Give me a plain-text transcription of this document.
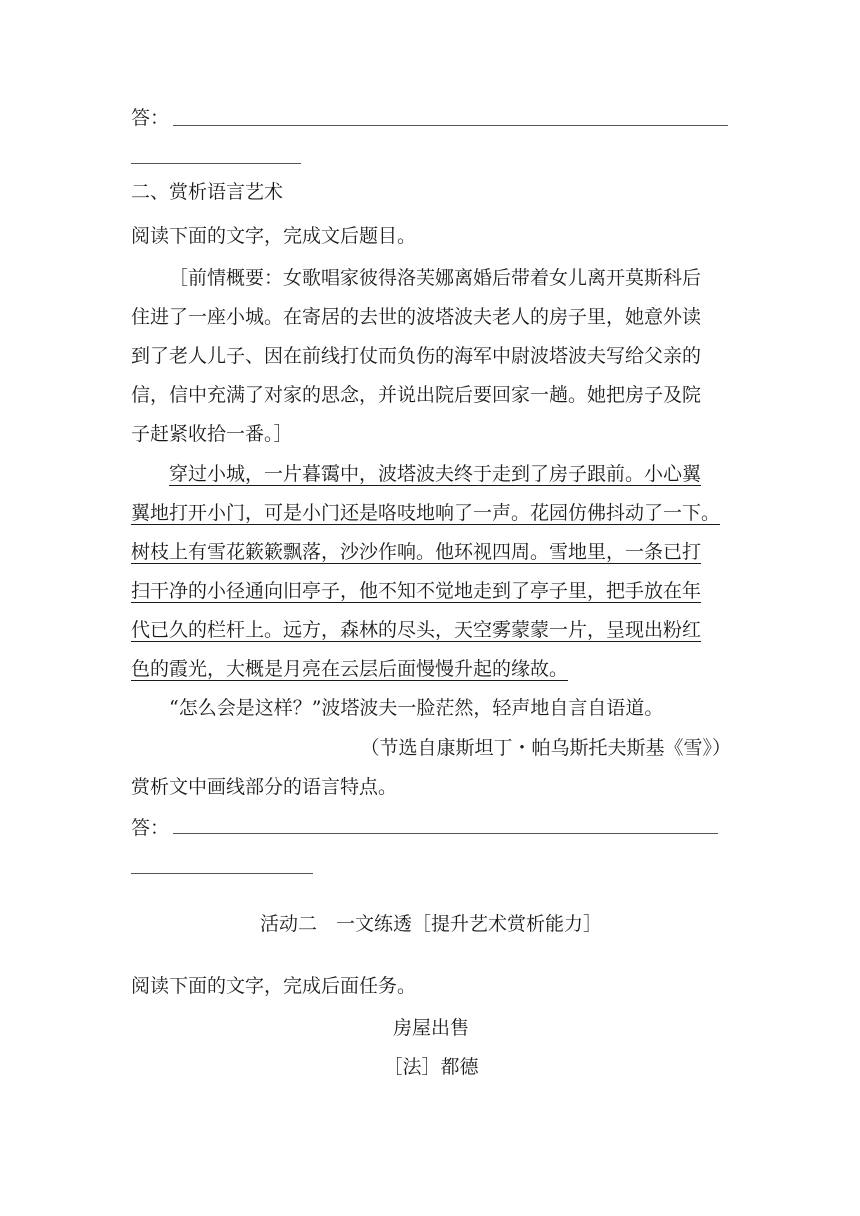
答：
二、赏析语言艺术
阅读下面的文字，完成文后题目。
［前情概要：女歌唱家彼得洛芙娜离婚后带着女儿离开莫斯科后
住进了一座小城。在寄居的去世的波塔波夫老人的房子里，她意外读
到了老人儿子、因在前线打仗而负伤的海军中尉波塔波夫写给父亲的
信，信中充满了对家的思念，并说出院后要回家一趟。她把房子及院
子赶紧收拾一番。］
穿过小城，一片暮霭中，波塔波夫终于走到了房子跟前。小心翼
翼地打开小门，可是小门还是咯吱地响了一声。花园仿佛抖动了一下。
树枝上有雪花簌簌飘落，沙沙作响。他环视四周。雪地里，一条已打
扫干净的小径通向旧亭子，他不知不觉地走到了亭子里，把手放在年
代已久的栏杆上。远方，森林的尽头，天空雾蒙蒙一片，呈现出粉红
色的霞光，大概是月亮在云层后面慢慢升起的缘故。
“怎么会是这样？”波塔波夫一脸茫然，轻声地自言自语道。
（节选自康斯坦丁・帕乌斯托夫斯基《雪》）
赏析文中画线部分的语言特点。
答：
活动二　一文练透［提升艺术赏析能力］
阅读下面的文字，完成后面任务。
房屋出售
［法］都德
